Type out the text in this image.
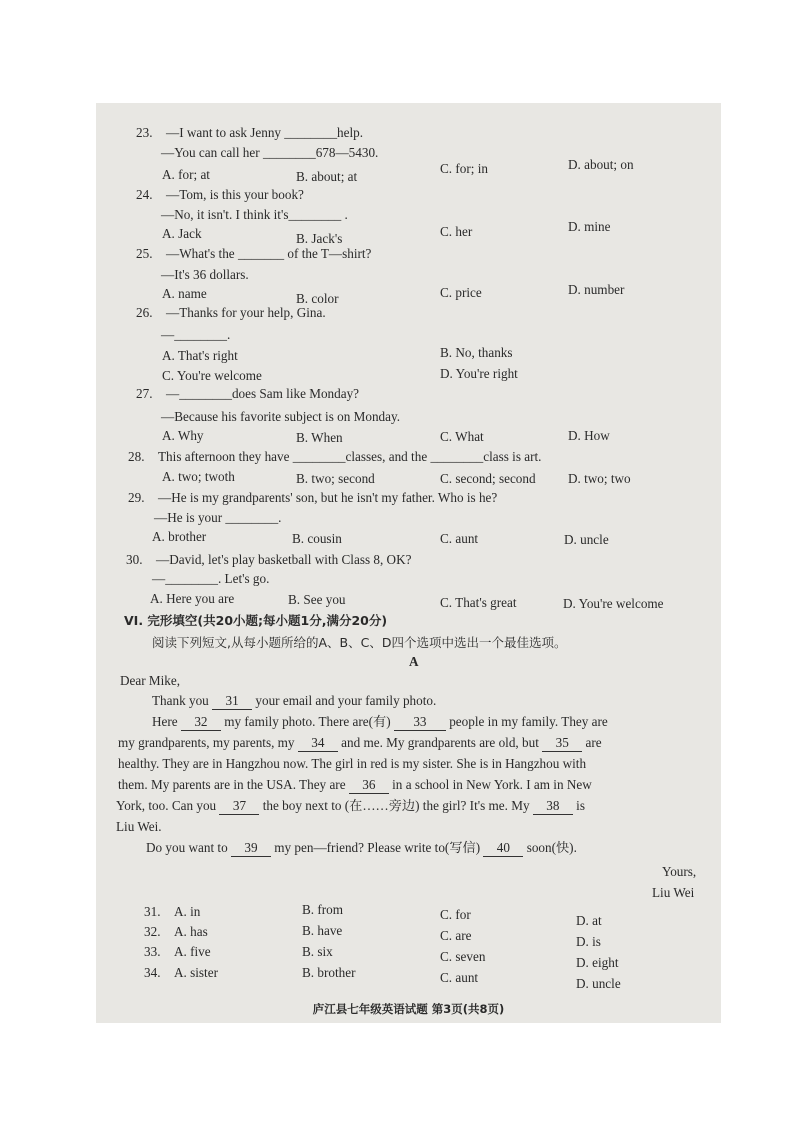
23. —I want to ask Jenny ________help.
—You can call her ________678—5430.
A. for; at	B. about; at
C. for; in	D. about; on
24. —Tom, is this your book?
—No, it isn't. I think it's________ .
A. Jack	B. Jack's	C. her	D. mine
25. —What's the _______ of the T—shirt?
—It's 36 dollars.
A. name	B. color	C. price	D. number
26. —Thanks for your help, Gina.
—________.
A. That's right	B. No, thanks
C. You're welcome	D. You're right
27. —________does Sam like Monday?
—Because his favorite subject is on Monday.
A. Why	B. When	C. What	D. How
28. This afternoon they have ________classes, and the ________class is art.
A. two; twoth	B. two; second	C. second; second D. two; two
29. —He is my grandparents' son, but he isn't my father. Who is he?
—He is your ________.
A. brother	B. cousin	C. aunt	D. uncle
30. —David, let's play basketball with Class 8, OK?
—________. Let's go.
A. Here you are	B. See you	C. That's great	D. You're welcome
VI. 完形填空(共20小题;每小题1分,满分20分)
阅读下列短文,从每小题所给的A、B、C、D四个选项中选出一个最佳选项。
A
Dear Mike,
Thank you 31 your email and your family photo.
Here 32 my family photo. There are(有) 33 people in my family. They are
my grandparents, my parents, my 34 and me. My grandparents are old, but 35 are
healthy. They are in Hangzhou now. The girl in red is my sister. She is in Hangzhou with
them. My parents are in the USA. They are 36 in a school in New York. I am in New
York, too. Can you 37 the boy next to (在……旁边) the girl? It's me. My 38 is
Liu Wei.
Do you want to 39 my pen—friend? Please write to(写信) 40 soon(快).
Yours,
Liu Wei
31. A. in	B. from	C. for	D. at
32. A. has	B. have	C. are	D. is
33. A. five	B. six	C. seven	D. eight
34. A. sister	B. brother	C. aunt	D. uncle
庐江县七年级英语试题 第3页(共8页)
